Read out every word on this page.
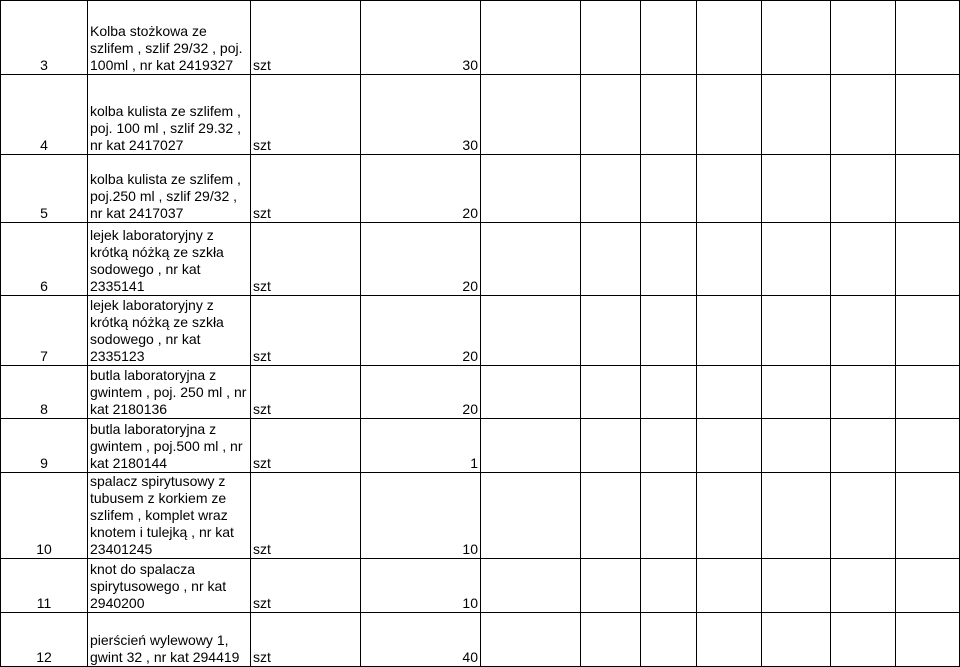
3	Kolba stożkowa ze szlifem , szlif 29/32 , poj. 100ml , nr kat 2419327	szt	30							
4	kolba kulista ze szlifem , poj. 100 ml , szlif 29.32 , nr kat 2417027	szt	30							
5	kolba kulista ze szlifem , poj.250 ml , szlif 29/32 , nr kat 2417037	szt	20							
6	lejek laboratoryjny z krótką nóżką ze szkła sodowego , nr kat 2335141	szt	20							
7	lejek laboratoryjny z krótką nóżką ze szkła sodowego , nr kat 2335123	szt	20							
8	butla laboratoryjna z gwintem , poj. 250 ml , nr kat 2180136	szt	20							
9	butla laboratoryjna z gwintem , poj.500 ml , nr kat 2180144	szt	1							
10	spalacz spirytusowy z tubusem z korkiem ze szlifem , komplet wraz knotem i tulejką , nr kat 23401245	szt	10							
11	knot do spalacza spirytusowego , nr kat 2940200	szt	10							
12	pierścień wylewowy 1, gwint 32 , nr kat 294419	szt	40							
